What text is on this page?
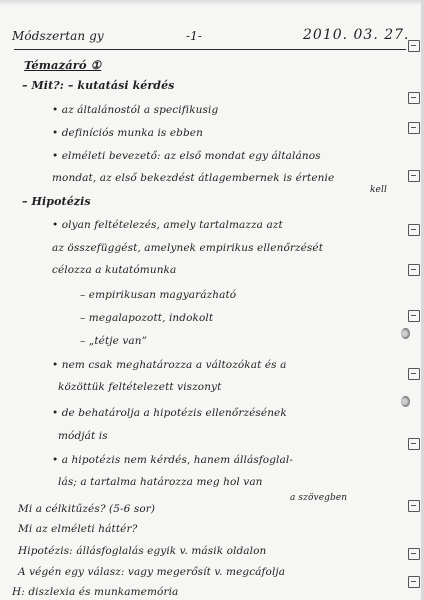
Módszertan gy	-1-	2010. 03. 27.
Témazáró ①
– Mit?: – kutatási kérdés
• az általánostól a specifikusig
• definíciós munka is ebben
• elméleti bevezető: az első mondat egy általános
mondat, az első bekezdést átlagembernek is értenie
kell
– Hipotézis
• olyan feltételezés, amely tartalmazza azt
az összefüggést, amelynek empirikus ellenőrzését
célozza a kutatómunka
– empirikusan magyarázható
– megalapozott, indokolt
– „tétje van”
• nem csak meghatározza a változókat és a
közöttük feltételezett viszonyt
• de behatárolja a hipotézis ellenőrzésének
módját is
• a hipotézis nem kérdés, hanem állásfoglal-
lás; a tartalma határozza meg hol van
a szövegben
Mi a célkitűzés? (5-6 sor)
Mi az elméleti háttér?
Hipotézis: állásfoglalás egyik v. másik oldalon
A végén egy válasz: vagy megerősít v. megcáfolja
H: diszlexia és munkamemória
